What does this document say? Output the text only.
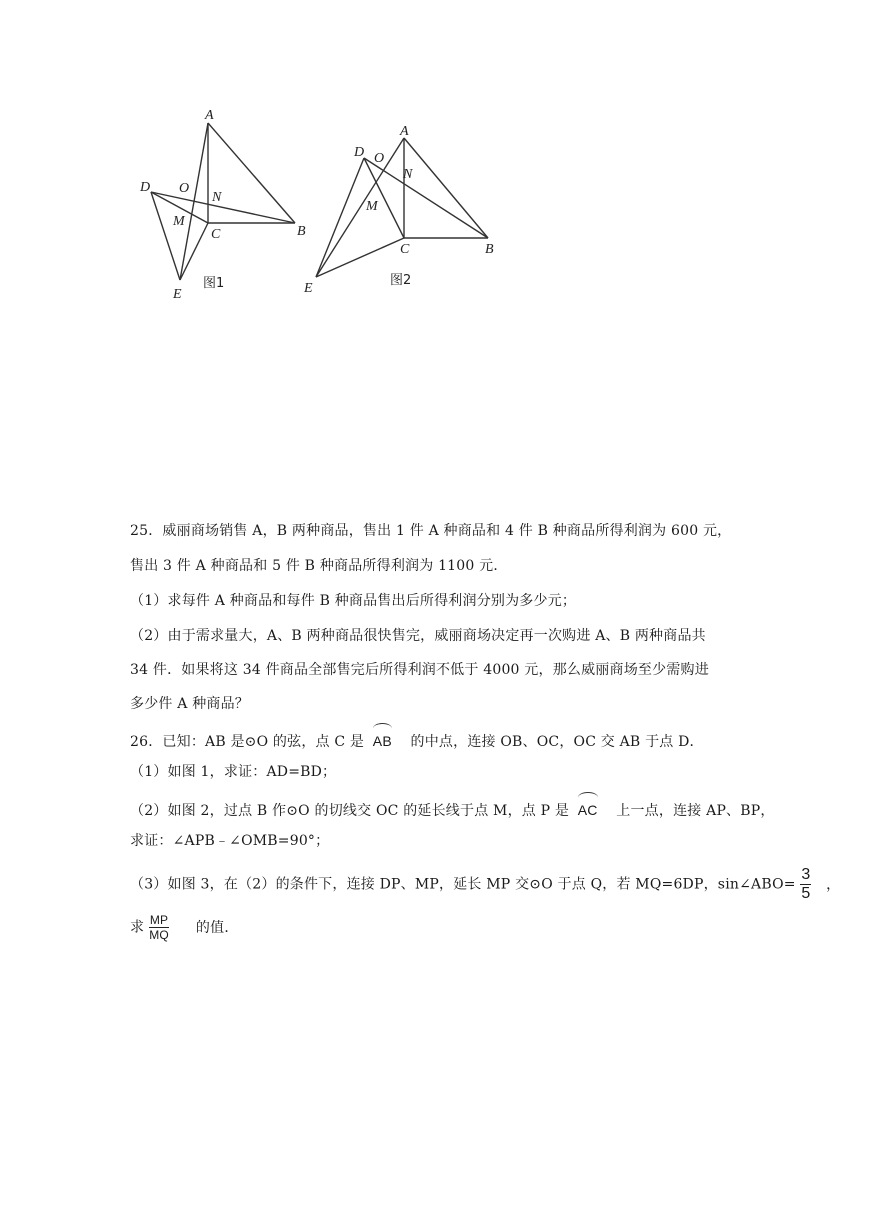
A
B
C
D
E
O
M
N
图1
A
B
C
D
E
O
M
N
图2
25．威丽商场销售 A，B 两种商品，售出 1 件 A 种商品和 4 件 B 种商品所得利润为 600 元，
售出 3 件 A 种商品和 5 件 B 种商品所得利润为 1100 元．
（1）求每件 A 种商品和每件 B 种商品售出后所得利润分别为多少元；
（2）由于需求量大，A、B 两种商品很快售完，威丽商场决定再一次购进 A、B 两种商品共
34 件．如果将这 34 件商品全部售完后所得利润不低于 4000 元，那么威丽商场至少需购进
多少件 A 种商品？
26．已知：AB 是⊙O 的弦，点 C 是 AB 的中点，连接 OB、OC，OC 交 AB 于点 D．
（1）如图 1，求证：AD=BD；
（2）如图 2，过点 B 作⊙O 的切线交 OC 的延长线于点 M，点 P 是 AC 上一点，连接 AP、BP，
求证：∠APB﹣∠OMB=90°；
（3）如图 3，在（2）的条件下，连接 DP、MP，延长 MP 交⊙O 于点 Q，若 MQ=6DP，sin∠ABO= $\frac{3}{5}$ ，
求 $\frac{MP}{MQ}$ 的值．
